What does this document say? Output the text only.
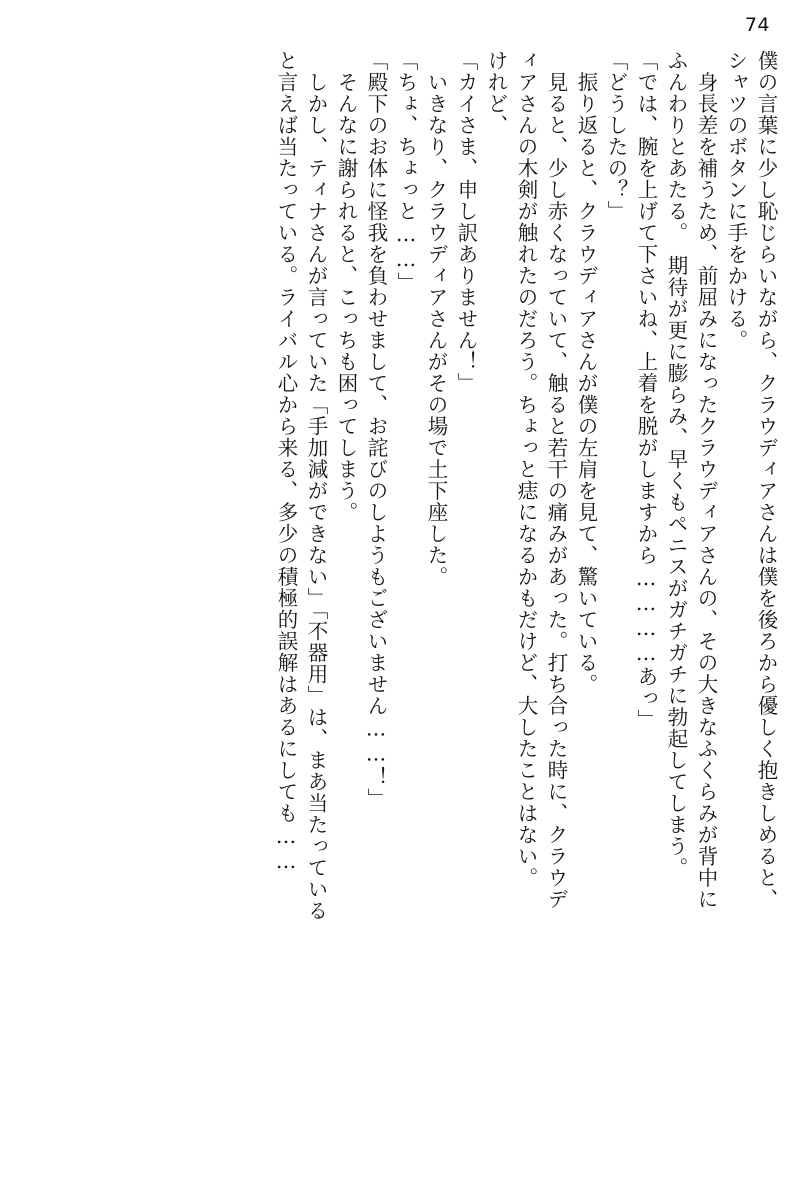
74
僕の言葉に少し恥じらいながら、クラウディアさんは僕を後ろから優しく抱きしめると、
シャツのボタンに手をかける。
　身長差を補うため、前屈みになったクラウディアさんの、その大きなふくらみが背中に
ふんわりとあたる。　期待が更に膨らみ、早くもペニスがガチガチに勃起してしまう。
「では、腕を上げて下さいね、上着を脱がしますから…………あっ」
「どうしたの？」
　振り返ると、クラウディアさんが僕の左肩を見て、驚いている。
　見ると、少し赤くなっていて、触ると若干の痛みがあった。打ち合った時に、クラウデ
ィアさんの木剣が触れたのだろう。ちょっと痣になるかもだけど、大したことはない。
けれど、
「カイさま、申し訳ありません！」
　いきなり、クラウディアさんがその場で土下座した。
「ちょ、ちょっと……」
「殿下のお体に怪我を負わせまして、お詫びのしようもございません……！」
　そんなに謝られると、こっちも困ってしまう。
　しかし、ティナさんが言っていた「手加減ができない」「不器用」は、まあ当たっている
と言えば当たっている。ライバル心から来る、多少の積極的誤解はあるにしても……
